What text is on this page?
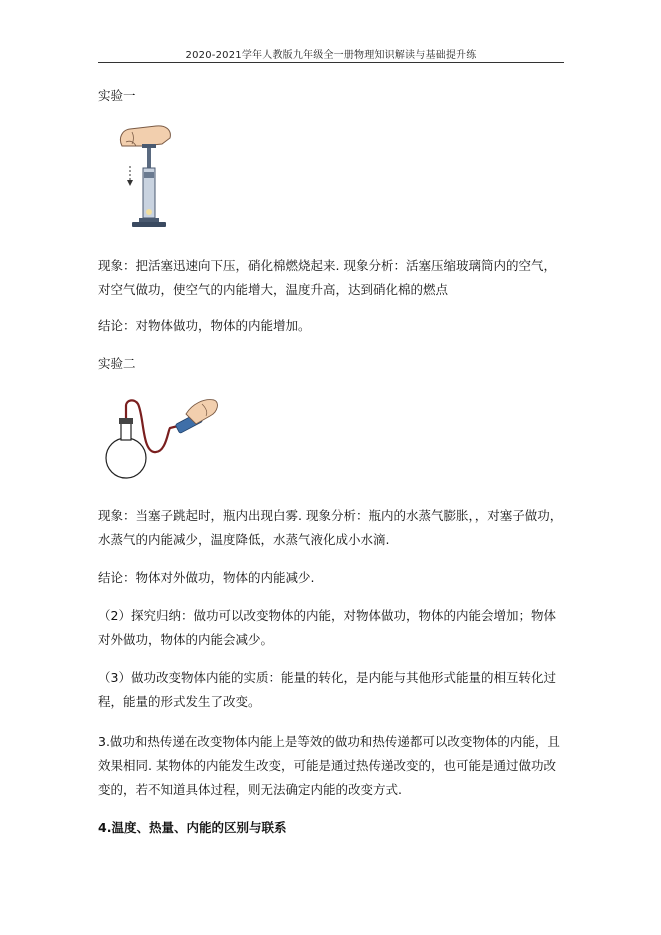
2020-2021学年人教版九年级全一册物理知识解读与基础提升练
实验一
现象：把活塞迅速向下压，硝化棉燃烧起来. 现象分析：活塞压缩玻璃筒内的空气，对空气做功，使空气的内能增大，温度升高，达到硝化棉的燃点
结论：对物体做功，物体的内能增加。
实验二
现象：当塞子跳起时，瓶内出现白雾. 现象分析：瓶内的水蒸气膨胀，，对塞子做功，水蒸气的内能减少，温度降低，水蒸气液化成小水滴.
结论：物体对外做功，物体的内能减少.
（2）探究归纳：做功可以改变物体的内能，对物体做功，物体的内能会增加；物体对外做功，物体的内能会减少。
（3）做功改变物体内能的实质：能量的转化，是内能与其他形式能量的相互转化过程，能量的形式发生了改变。
3.做功和热传递在改变物体内能上是等效的做功和热传递都可以改变物体的内能，且效果相同. 某物体的内能发生改变，可能是通过热传递改变的，也可能是通过做功改变的，若不知道具体过程，则无法确定内能的改变方式.
4.温度、热量、内能的区别与联系
